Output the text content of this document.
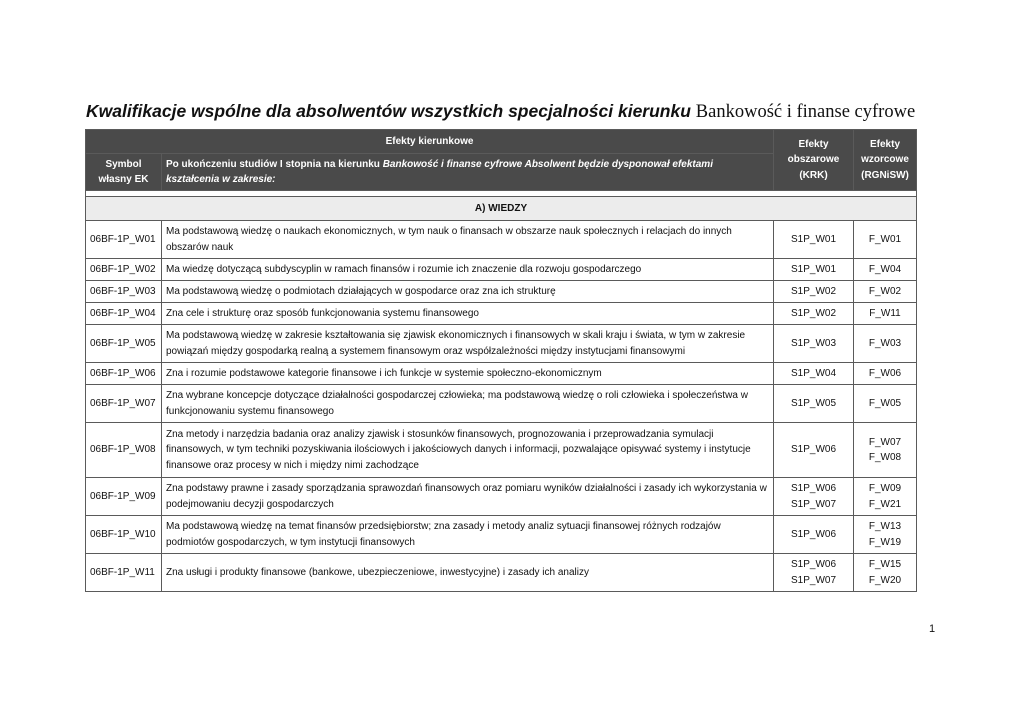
Kwalifikacje wspólne dla absolwentów wszystkich specjalności kierunku Bankowość i finanse cyfrowe
Efekty kierunkowe		Efekty obszarowe (KRK)	Efekty wzorcowe (RGNiSW)
Symbol własny EK	Po ukończeniu studiów I stopnia na kierunku Bankowość i finanse cyfrowe Absolwent będzie dysponował efektami kształcenia w zakresie:		

A) WIEDZY			
06BF-1P_W01	Ma podstawową wiedzę o naukach ekonomicznych, w tym nauk o finansach w obszarze nauk społecznych i relacjach do innych obszarów nauk	S1P_W01	F_W01

06BF-1P_W02	Ma wiedzę dotyczącą subdyscyplin w ramach finansów i rozumie ich znaczenie dla rozwoju gospodarczego	S1P_W01	F_W04

06BF-1P_W03	Ma podstawową wiedzę o podmiotach działających w gospodarce oraz zna ich strukturę	S1P_W02	F_W02

06BF-1P_W04	Zna cele i strukturę oraz sposób funkcjonowania systemu finansowego	S1P_W02	F_W11

06BF-1P_W05	Ma podstawową wiedzę w zakresie kształtowania się zjawisk ekonomicznych i finansowych w skali kraju i świata, w tym w zakresie powiązań między gospodarką realną a systemem finansowym oraz współzależności między instytucjami finansowymi	S1P_W03	F_W03

06BF-1P_W06	Zna i rozumie podstawowe kategorie finansowe i ich funkcje w systemie społeczno-ekonomicznym	S1P_W04	F_W06

06BF-1P_W07	Zna wybrane koncepcje dotyczące działalności gospodarczej człowieka; ma podstawową wiedzę o roli człowieka i społeczeństwa w funkcjonowaniu systemu finansowego	S1P_W05	F_W05

06BF-1P_W08	Zna metody i narzędzia badania oraz analizy zjawisk i stosunków finansowych, prognozowania i przeprowadzania symulacji finansowych, w tym techniki pozyskiwania ilościowych i jakościowych danych i informacji, pozwalające opisywać systemy i instytucje finansowe oraz procesy w nich i między nimi zachodzące	S1P_W06	F_W07
F_W08

06BF-1P_W09	Zna podstawy prawne i zasady sporządzania sprawozdań finansowych oraz pomiaru wyników działalności i zasady ich wykorzystania w podejmowaniu decyzji gospodarczych	S1P_W06
S1P_W07	F_W09
F_W21

06BF-1P_W10	Ma podstawową wiedzę na temat finansów przedsiębiorstw; zna zasady i metody analiz sytuacji finansowej różnych rodzajów podmiotów gospodarczych, w tym instytucji finansowych	S1P_W06	F_W13
F_W19

06BF-1P_W11	Zna usługi i produkty finansowe (bankowe, ubezpieczeniowe, inwestycyjne) i zasady ich analizy	S1P_W06
S1P_W07	F_W15
F_W20
1
